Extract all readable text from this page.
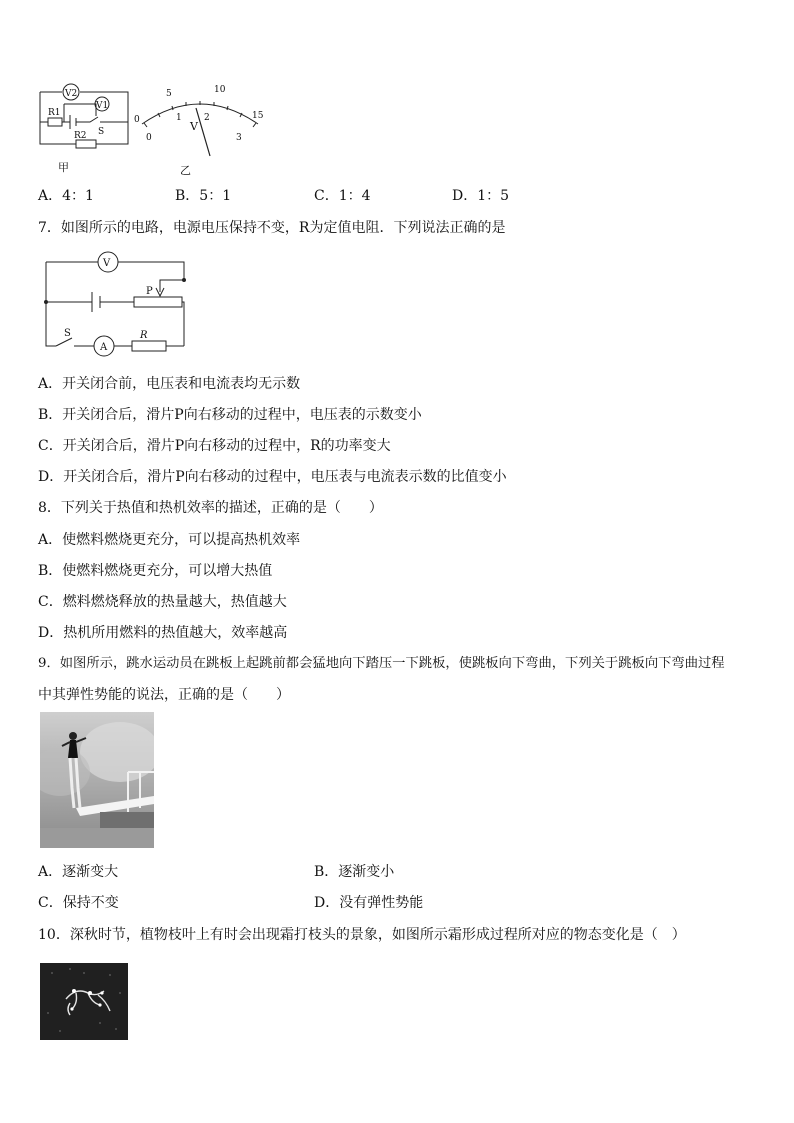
V2
V1
R1
S
R2
甲
0
5	10
15
0
1 2
3
V
乙
A．4：1	B．5：1	C．1：4	D．1：5
7．如图所示的电路，电源电压保持不变，R为定值电阻．下列说法正确的是
V
P
S
A
R
A．开关闭合前，电压表和电流表均无示数
B．开关闭合后，滑片P向右移动的过程中，电压表的示数变小
C．开关闭合后，滑片P向右移动的过程中，R的功率变大
D．开关闭合后，滑片P向右移动的过程中，电压表与电流表示数的比值变小
8．下列关于热值和热机效率的描述，正确的是（　　）
A．使燃料燃烧更充分，可以提高热机效率
B．使燃料燃烧更充分，可以增大热值
C．燃料燃烧释放的热量越大，热值越大
D．热机所用燃料的热值越大，效率越高
9．如图所示，跳水运动员在跳板上起跳前都会猛地向下踏压一下跳板，使跳板向下弯曲，下列关于跳板向下弯曲过程
中其弹性势能的说法，正确的是（　　）
A．逐渐变大	B．逐渐变小
C．保持不变	D．没有弹性势能
10．深秋时节，植物枝叶上有时会出现霜打枝头的景象，如图所示霜形成过程所对应的物态变化是（　）
